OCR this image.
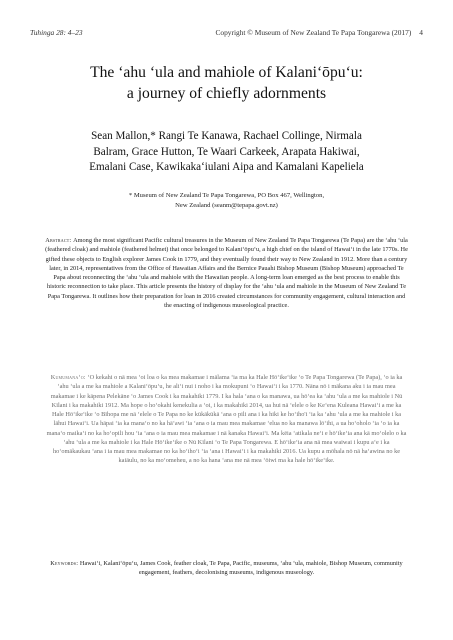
Tuhinga 28: 4–23	Copyright © Museum of New Zealand Te Papa Tongarewa (2017) 4
The ʻahu ʻula and mahiole of Kalaniʻōpuʻu:
a journey of chiefly adornments
Sean Mallon,* Rangi Te Kanawa, Rachael Collinge, Nirmala
Balram, Grace Hutton, Te Waari Carkeek, Arapata Hakiwai,
Emalani Case, Kawikakaʻiulani Aipa and Kamalani Kapeliela
* Museum of New Zealand Te Papa Tongarewa, PO Box 467, Wellington,
New Zealand (seanm@tepapa.govt.nz)
Abstract: Among the most significant Pacific cultural treasures in the Museum of New Zealand Te Papa Tongarewa (Te Papa) are the ʻahu ʻula (feathered cloak) and mahiole (feathered helmet) that once belonged to Kalaniʻōpuʻu, a high chief on the island of Hawaiʻi in the late 1770s. He gifted these objects to English explorer James Cook in 1779, and they eventually found their way to New Zealand in 1912. More than a century later, in 2014, representatives from the Office of Hawaiian Affairs and the Bernice Pauahi Bishop Museum (Bishop Museum) approached Te Papa about reconnecting the ʻahu ʻula and mahiole with the Hawaiian people. A long-term loan emerged as the best process to enable this historic reconnection to take place. This article presents the history of display for the ʻahu ʻula and mahiole in the Museum of New Zealand Te Papa Tongarewa. It outlines how their preparation for loan in 2016 created circumstances for community engagement, cultural interaction and the enacting of indigenous museological practice.
Kumumanaʻo: ʻO kekahi o nā mea ʻoi loa o ka mea makamae i mālama ʻia ma ka Hale Hōʻikeʻike ʻo Te Papa Tongarewa (Te Papa), ʻo ia ka ʻahu ʻula a me ka mahiole a Kalaniʻōpuʻu, he aliʻi nui i noho i ka mokupuni ʻo Hawaiʻi i ka 1770. Nāna nō i mākana aku i ia mau mea makamae i ke kāpena Pelekāne ʻo James Cook i ka makahiki 1779. I ka hala ʻana o ka manawa, ua hōʻea ka ʻahu ʻula a me ka mahiole i Nū Kīlani i ka makahiki 1912. Ma hope o hoʻokahi kenekulia a ʻoi, i ka makahiki 2014, ua hui nā ʻelele o ke Keʻena Kuleana Hawaiʻi a me ka Hale Hōʻikeʻike ʻo Bīhopa me nā ʻelele o Te Papa no ke kūkākūkā ʻana o pili ana i ka hiki ke hoʻiho'i ʻia ka ʻahu ʻula a me ka mahiole i ka lāhui Hawaiʻi. Ua hāpai ʻia ka manaʻo no ka hāʻawi ʻia ʻana o ia mau mea makamae ʻelua no ka manawa lōʻihi, a ua hoʻoholo ʻia ʻo ia ka manaʻo maikaʻi no ka hoʻopili hou ʻia ʻana o ia mau mea makamae i nā kanaka Hawaiʻi. Ma kēia ʻatikala neʻi e hōʻikeʻia ana kā moʻolelo o ka ʻahu ʻula a me ka mahiole i ka Hale Hōʻikeʻike o Nū Kīlani ʻo Te Papa Tongarewa. E hōʻikeʻia ana nā mea waiwai i kupu aʻe i ka hoʻomākaukau ʻana i ia mau mea makamae no ka hoʻihoʻi ʻia ʻana i Hawaiʻi i ka makahiki 2016. Ua kupu a mōhala nō nā haʻawina no ke kaiāulu, no ka moʻomeheu, a no ka hana ʻana me nā mea ʻōiwi ma ka hale hōʻikeʻike.
Keywords: Hawaiʻi, Kalaniʻōpuʻu, James Cook, feather cloak, Te Papa, Pacific, museums, ʻahu ʻula, mahiole, Bishop Museum, community engagement, feathers, decolonising museums, indigenous museology.
